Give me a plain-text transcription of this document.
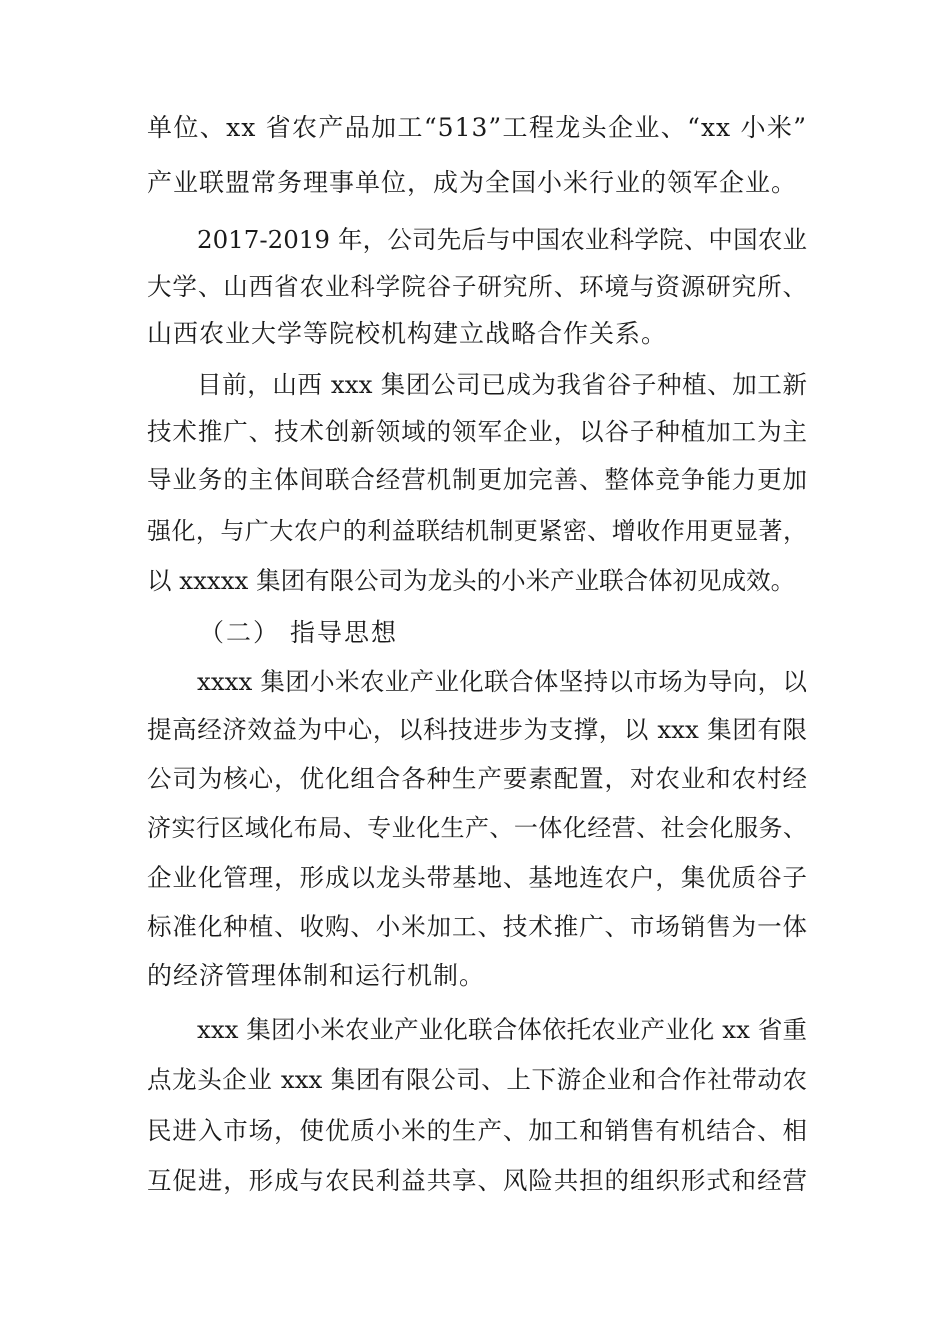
单位、xx 省农产品加工“513”工程龙头企业、“xx 小米”
产业联盟常务理事单位，成为全国小米行业的领军企业。
2017-2019 年，公司先后与中国农业科学院、中国农业
大学、山西省农业科学院谷子研究所、环境与资源研究所、
山西农业大学等院校机构建立战略合作关系。
目前，山西 xxx 集团公司已成为我省谷子种植、加工新
技术推广、技术创新领域的领军企业，以谷子种植加工为主
导业务的主体间联合经营机制更加完善、整体竞争能力更加
强化，与广大农户的利益联结机制更紧密、增收作用更显著，
以 xxxxx 集团有限公司为龙头的小米产业联合体初见成效。
（二） 指导思想
xxxx 集团小米农业产业化联合体坚持以市场为导向，以
提高经济效益为中心，以科技进步为支撑，以 xxx 集团有限
公司为核心，优化组合各种生产要素配置，对农业和农村经
济实行区域化布局、专业化生产、一体化经营、社会化服务、
企业化管理，形成以龙头带基地、基地连农户，集优质谷子
标准化种植、收购、小米加工、技术推广、市场销售为一体
的经济管理体制和运行机制。
xxx 集团小米农业产业化联合体依托农业产业化 xx 省重
点龙头企业 xxx 集团有限公司、上下游企业和合作社带动农
民进入市场，使优质小米的生产、加工和销售有机结合、相
互促进，形成与农民利益共享、风险共担的组织形式和经营
